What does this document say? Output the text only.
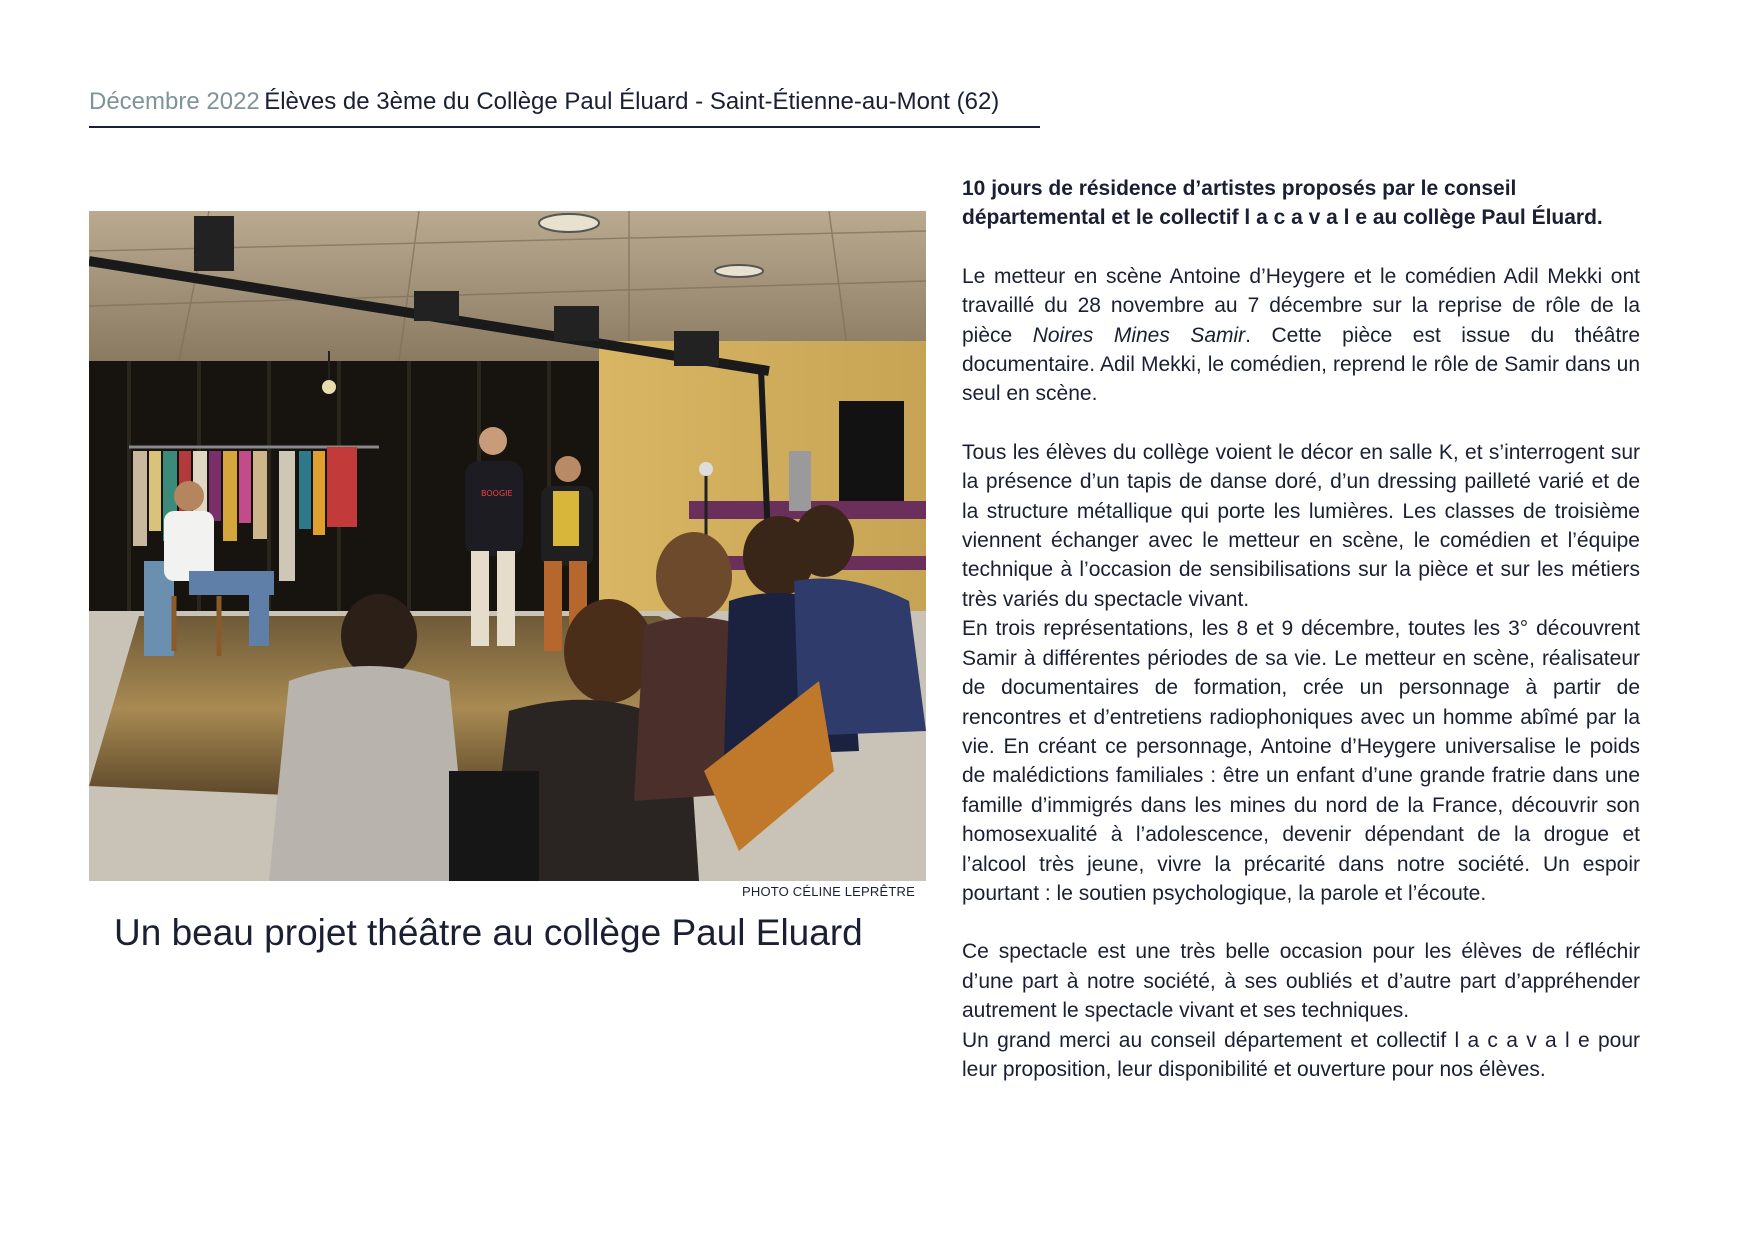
Décembre 2022 Élèves de 3ème du Collège Paul Éluard - Saint-Étienne-au-Mont (62)
BOOGIE
PHOTO CÉLINE LEPRÊTRE
Un beau projet théâtre au collège Paul Eluard

10 jours de résidence d’artistes proposés par le conseil départemental et le collectif l a c a v a l e au collège Paul Éluard.

Le metteur en scène Antoine d’Heygere et le comédien Adil Mekki ont travaillé du 28 novembre au 7 décembre sur la reprise de rôle de la pièce Noires Mines Samir. Cette pièce est issue du théâtre documentaire. Adil Mekki, le comédien, reprend le rôle de Samir dans un seul en scène.

Tous les élèves du collège voient le décor en salle K, et s’interrogent sur la présence d’un tapis de danse doré, d’un dressing pailleté varié et de la structure métallique qui porte les lumières. Les classes de troisième viennent échanger avec le metteur en scène, le comédien et l’équipe technique à l’occasion de sensibilisations sur la pièce et sur les métiers très variés du spectacle vivant.

En trois représentations, les 8 et 9 décembre, toutes les 3° découvrent Samir à différentes périodes de sa vie. Le metteur en scène, réalisateur de documentaires de formation, crée un personnage à partir de rencontres et d’entretiens radiophoniques avec un homme abîmé par la vie. En créant ce personnage, Antoine d’Heygere universalise le poids de malédictions familiales : être un enfant d’une grande fratrie dans une famille d’immigrés dans les mines du nord de la France, découvrir son homosexualité à l’adolescence, devenir dépendant de la drogue et l’alcool très jeune, vivre la précarité dans notre société. Un espoir pourtant : le soutien psychologique, la parole et l’écoute.

Ce spectacle est une très belle occasion pour les élèves de réfléchir d’une part à notre société, à ses oubliés et d’autre part d’appréhender autrement le spectacle vivant et ses techniques.

Un grand merci au conseil département et collectif l a c a v a l e pour leur proposition, leur disponibilité et ouverture pour nos élèves.
